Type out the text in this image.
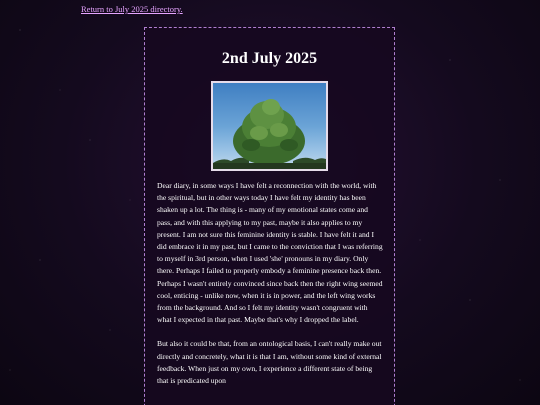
Return to July 2025 directory.
2nd July 2025

Dear diary, in some ways I have felt a reconnection with the world, with the spiritual, but in other ways today I have felt my identity has been shaken up a lot. The thing is - many of my emotional states come and pass, and with this applying to my past, maybe it also applies to my present. I am not sure this feminine identity is stable. I have felt it and I did embrace it in my past, but I came to the conviction that I was referring to myself in 3rd person, when I used 'she' pronouns in my diary. Only there. Perhaps I failed to properly embody a feminine presence back then. Perhaps I wasn't entirely convinced since back then the right wing seemed cool, enticing - unlike now, when it is in power, and the left wing works from the background. And so I felt my identity wasn't congruent with what I expected in that past. Maybe that's why I dropped the label.

But also it could be that, from an ontological basis, I can't really make out directly and concretely, what it is that I am, without some kind of external feedback. When just on my own, I experience a different state of being that is predicated upon
